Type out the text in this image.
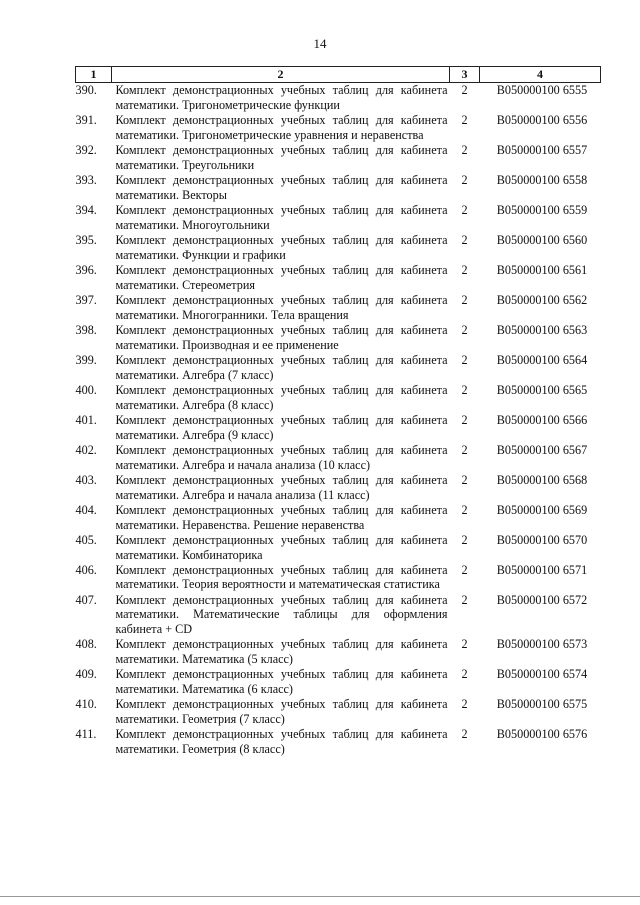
14
1	2	3	4
390.	Комплект демонстрационных учебных таблиц для кабинета математики. Тригонометрические функции	2	B050000100 6555
391.	Комплект демонстрационных учебных таблиц для кабинета математики. Тригонометрические уравнения и неравенства	2	B050000100 6556
392.	Комплект демонстрационных учебных таблиц для кабинета математики. Треугольники	2	B050000100 6557
393.	Комплект демонстрационных учебных таблиц для кабинета математики. Векторы	2	B050000100 6558
394.	Комплект демонстрационных учебных таблиц для кабинета математики. Многоугольники	2	B050000100 6559
395.	Комплект демонстрационных учебных таблиц для кабинета математики. Функции и графики	2	B050000100 6560
396.	Комплект демонстрационных учебных таблиц для кабинета математики. Стереометрия	2	B050000100 6561
397.	Комплект демонстрационных учебных таблиц для кабинета математики. Многогранники. Тела вращения	2	B050000100 6562
398.	Комплект демонстрационных учебных таблиц для кабинета математики. Производная и ее применение	2	B050000100 6563
399.	Комплект демонстрационных учебных таблиц для кабинета математики. Алгебра (7 класс)	2	B050000100 6564
400.	Комплект демонстрационных учебных таблиц для кабинета математики. Алгебра (8 класс)	2	B050000100 6565
401.	Комплект демонстрационных учебных таблиц для кабинета математики. Алгебра (9 класс)	2	B050000100 6566
402.	Комплект демонстрационных учебных таблиц для кабинета математики. Алгебра и начала анализа (10 класс)	2	B050000100 6567
403.	Комплект демонстрационных учебных таблиц для кабинета математики. Алгебра и начала анализа (11 класс)	2	B050000100 6568
404.	Комплект демонстрационных учебных таблиц для кабинета математики. Неравенства. Решение неравенства	2	B050000100 6569
405.	Комплект демонстрационных учебных таблиц для кабинета математики. Комбинаторика	2	B050000100 6570
406.	Комплект демонстрационных учебных таблиц для кабинета математики. Теория вероятности и математическая статистика	2	B050000100 6571
407.	Комплект демонстрационных учебных таблиц для кабинета математики. Математические таблицы для оформления кабинета + CD	2	B050000100 6572
408.	Комплект демонстрационных учебных таблиц для кабинета математики. Математика (5 класс)	2	B050000100 6573
409.	Комплект демонстрационных учебных таблиц для кабинета математики. Математика (6 класс)	2	B050000100 6574
410.	Комплект демонстрационных учебных таблиц для кабинета математики. Геометрия (7 класс)	2	B050000100 6575
411.	Комплект демонстрационных учебных таблиц для кабинета математики. Геометрия (8 класс)	2	B050000100 6576
